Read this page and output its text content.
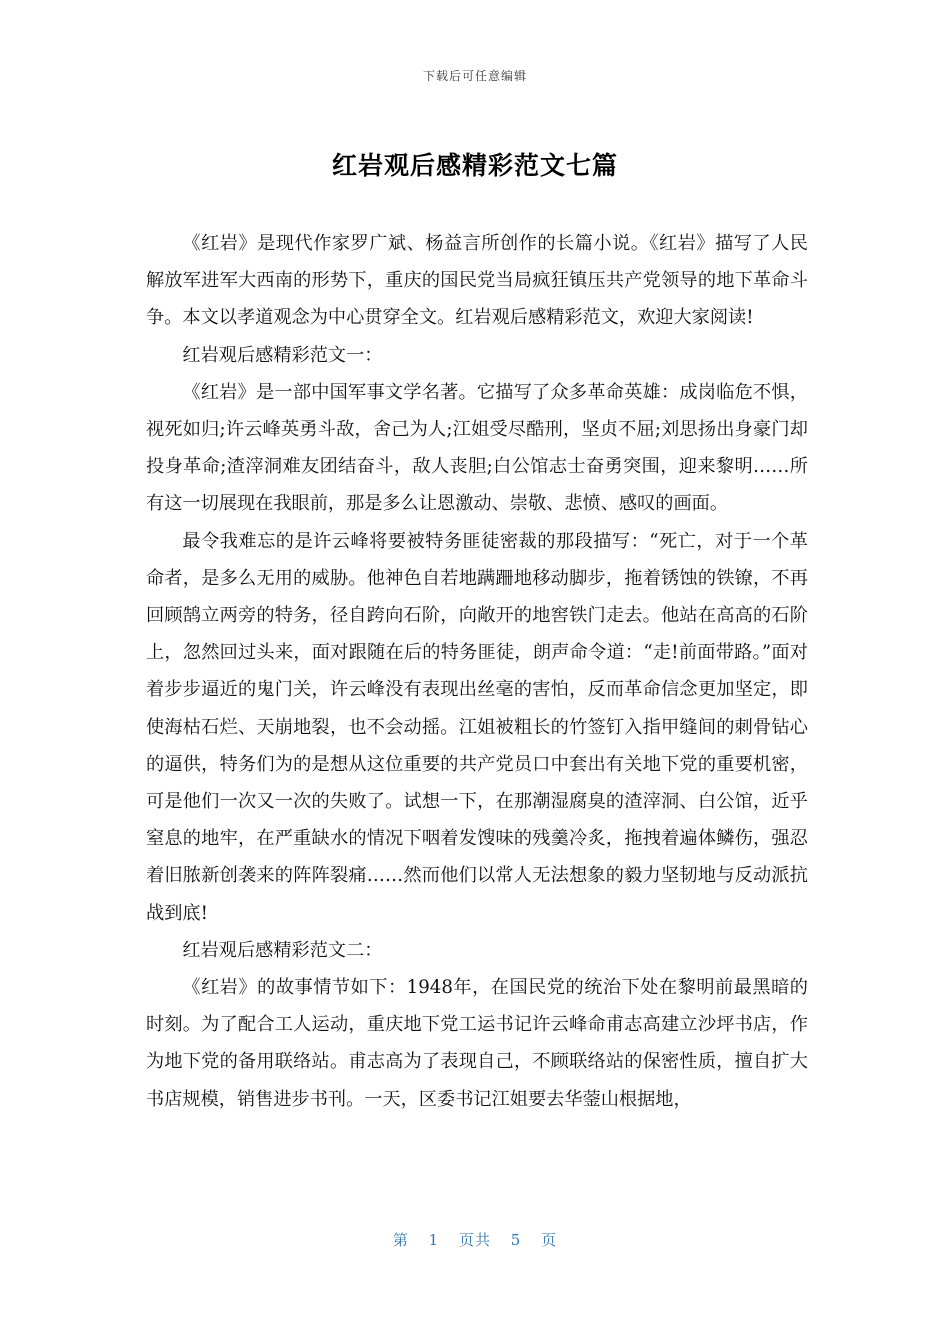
下载后可任意编辑
红岩观后感精彩范文七篇

《红岩》是现代作家罗广斌、杨益言所创作的长篇小说。《红岩》描写了人民解放军进军大西南的形势下，重庆的国民党当局疯狂镇压共产党领导的地下革命斗争。本文以孝道观念为中心贯穿全文。红岩观后感精彩范文，欢迎大家阅读!

红岩观后感精彩范文一：

《红岩》是一部中国军事文学名著。它描写了众多革命英雄：成岗临危不惧，视死如归;许云峰英勇斗敌，舍己为人;江姐受尽酷刑，坚贞不屈;刘思扬出身豪门却投身革命;渣滓洞难友团结奋斗，敌人丧胆;白公馆志士奋勇突围，迎来黎明……所有这一切展现在我眼前，那是多么让恩激动、崇敬、悲愤、感叹的画面。

最令我难忘的是许云峰将要被特务匪徒密裁的那段描写：“死亡，对于一个革命者，是多么无用的威胁。他神色自若地蹒跚地移动脚步，拖着锈蚀的铁镣，不再回顾鹄立两旁的特务，径自跨向石阶，向敞开的地窖铁门走去。他站在高高的石阶上，忽然回过头来，面对跟随在后的特务匪徒，朗声命令道：“走!前面带路。”面对着步步逼近的鬼门关，许云峰没有表现出丝毫的害怕，反而革命信念更加坚定，即使海枯石烂、天崩地裂，也不会动摇。江姐被粗长的竹签钉入指甲缝间的刺骨钻心的逼供，特务们为的是想从这位重要的共产党员口中套出有关地下党的重要机密，可是他们一次又一次的失败了。试想一下，在那潮湿腐臭的渣滓洞、白公馆，近乎窒息的地牢，在严重缺水的情况下咽着发馊味的残羹冷炙，拖拽着遍体鳞伤，强忍着旧脓新创袭来的阵阵裂痛……然而他们以常人无法想象的毅力坚韧地与反动派抗战到底!

红岩观后感精彩范文二：

《红岩》的故事情节如下：1948年，在国民党的统治下处在黎明前最黑暗的时刻。为了配合工人运动，重庆地下党工运书记许云峰命甫志高建立沙坪书店，作为地下党的备用联络站。甫志高为了表现自己，不顾联络站的保密性质，擅自扩大书店规模，销售进步书刊。一天，区委书记江姐要去华蓥山根据地，

第 1 页共 5 页
